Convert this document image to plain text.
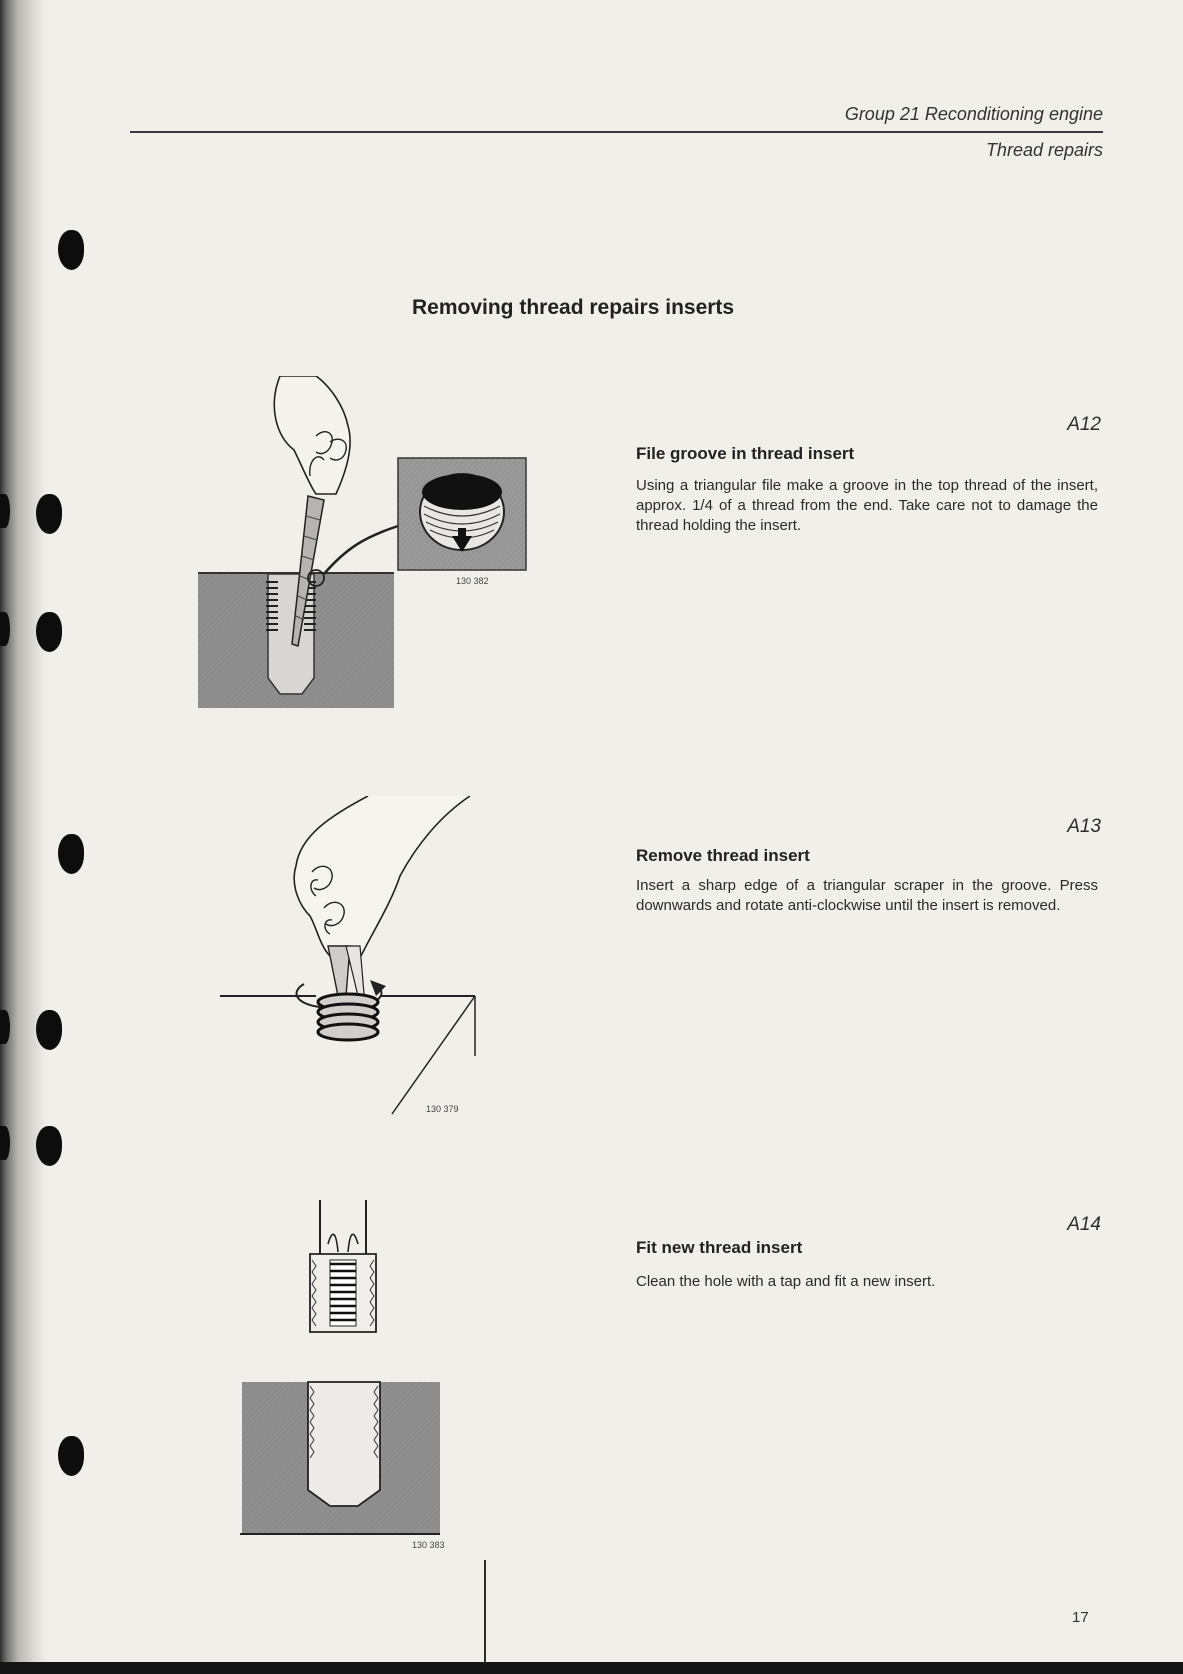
Group 21 Reconditioning engine
Thread repairs
Removing thread repairs inserts
A12
File groove in thread insert
Using a triangular file make a groove in the top thread of the insert, approx. 1/4 of a thread from the end. Take care not to damage the thread holding the insert.
130 382
A13
Remove thread insert
Insert a sharp edge of a triangular scraper in the groove. Press downwards and rotate anti-clockwise until the insert is removed.
130 379
A14
Fit new thread insert
Clean the hole with a tap and fit a new insert.
130 383
17
